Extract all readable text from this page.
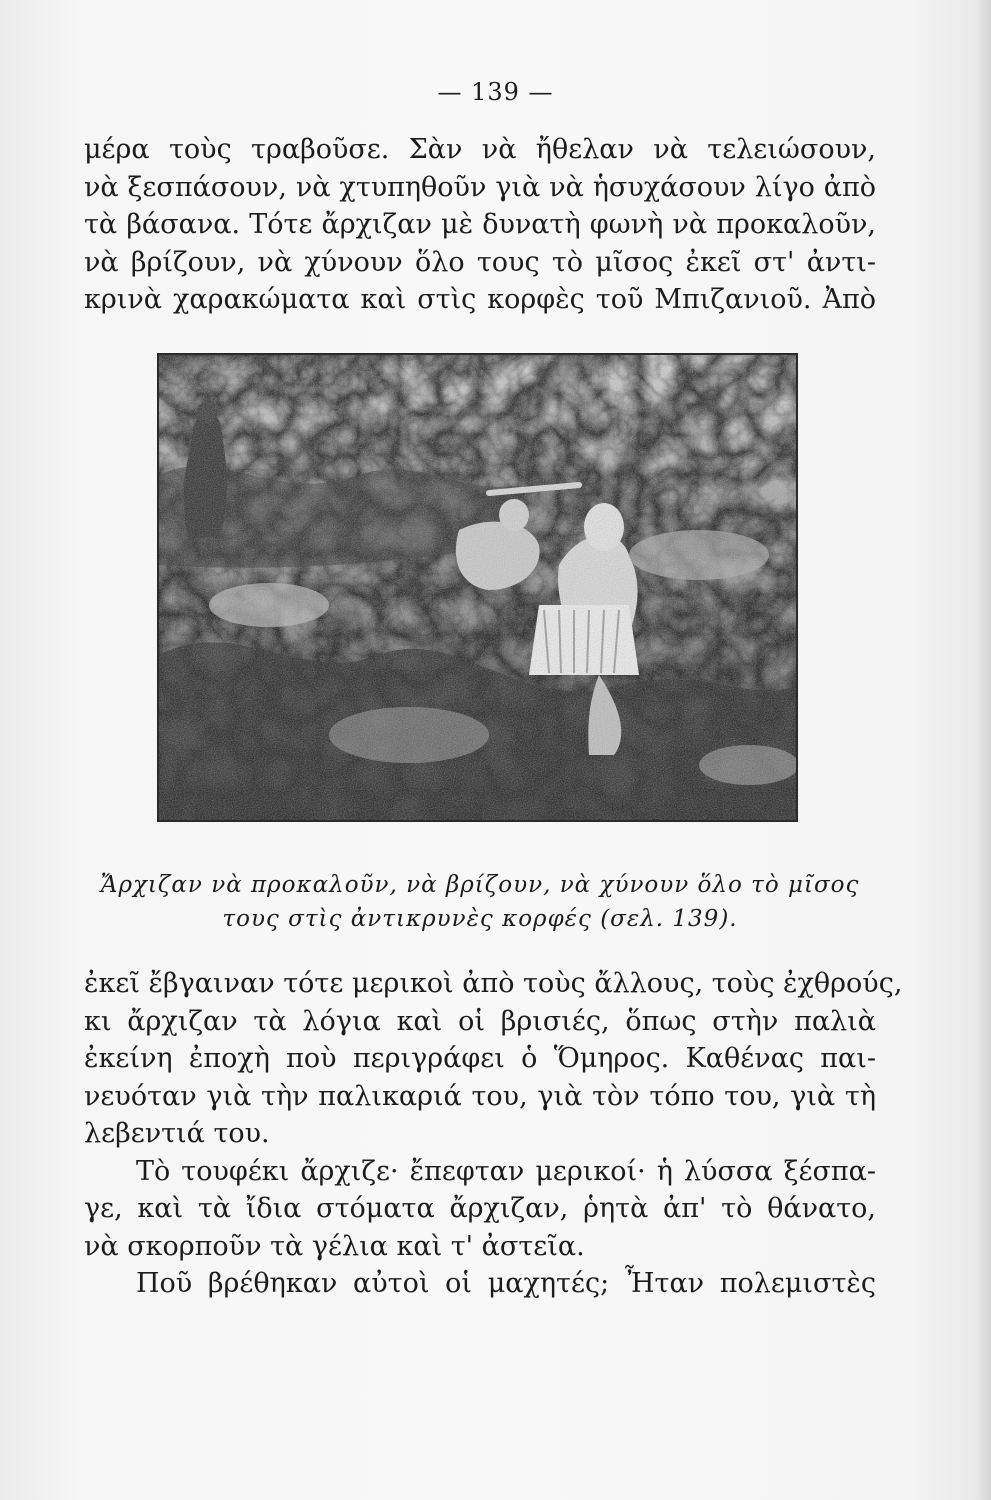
— 139 —
μέρα τοὺς τραβοῦσε. Σὰν νὰ ἤθελαν νὰ τελειώσουν,
νὰ ξεσπάσουν, νὰ χτυπηθοῦν γιὰ νὰ ἡσυχάσουν λίγο ἀπὸ
τὰ βάσανα. Τότε ἄρχιζαν μὲ δυνατὴ φωνὴ νὰ προκαλοῦν,
νὰ βρίζουν, νὰ χύνουν ὅλο τους τὸ μῖσος ἐκεῖ στ' ἀντι-
κρινὰ χαρακώματα καὶ στὶς κορφὲς τοῦ Μπιζανιοῦ. Ἀπὸ
Ἄρχιζαν νὰ προκαλοῦν, νὰ βρίζουν, νὰ χύνουν ὅλο τὸ μῖσος
τους στὶς ἀντικρυνὲς κορφές (σελ. 139).
ἐκεῖ ἔβγαιναν τότε μερικοὶ ἀπὸ τοὺς ἄλλους, τοὺς ἐχθρούς,
κι ἄρχιζαν τὰ λόγια καὶ οἱ βρισιές, ὅπως στὴν παλιὰ
ἐκείνη ἐποχὴ ποὺ περιγράφει ὁ Ὅμηρος. Καθένας παι-
νευόταν γιὰ τὴν παλικαριά του, γιὰ τὸν τόπο του, γιὰ τὴ
λεβεντιά του.
Τὸ τουφέκι ἄρχιζε· ἔπεφταν μερικοί· ἡ λύσσα ξέσπα-
γε, καὶ τὰ ἴδια στόματα ἄρχιζαν, ῥητὰ ἀπ' τὸ θάνατο,
νὰ σκορποῦν τὰ γέλια καὶ τ' ἀστεῖα.
Ποῦ βρέθηκαν αὐτοὶ οἱ μαχητές; Ἦταν πολεμιστὲς
